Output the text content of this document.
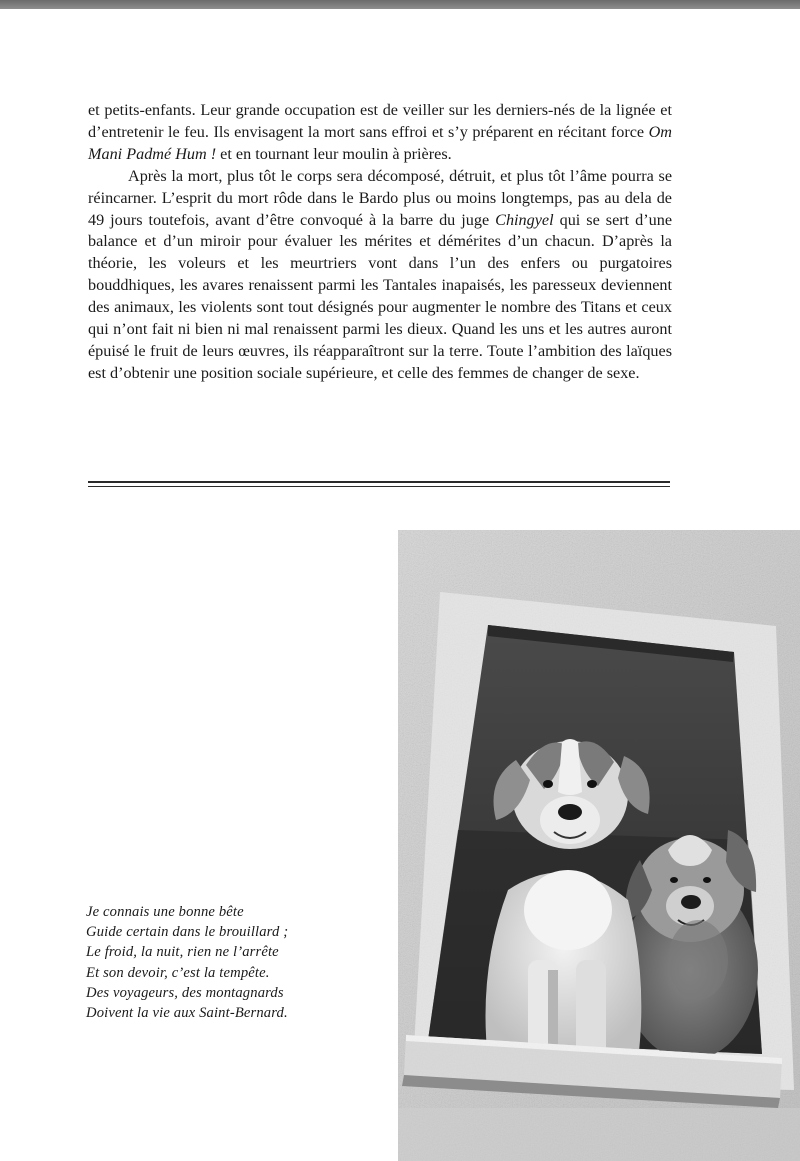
et petits-enfants. Leur grande occupation est de veiller sur les derniers-nés de la lignée et d’entretenir le feu. Ils envisagent la mort sans effroi et s’y préparent en récitant force Om Mani Padmé Hum ! et en tournant leur moulin à prières.

Après la mort, plus tôt le corps sera décomposé, détruit, et plus tôt l’âme pourra se réincarner. L’esprit du mort rôde dans le Bardo plus ou moins longtemps, pas au dela de 49 jours toutefois, avant d’être convoqué à la barre du juge Chingyel qui se sert d’une balance et d’un miroir pour évaluer les mérites et démérites d’un chacun. D’après la théorie, les voleurs et les meurtriers vont dans l’un des enfers ou purgatoires bouddhiques, les avares renaissent parmi les Tantales inapaisés, les paresseux deviennent des animaux, les violents sont tout désignés pour augmenter le nombre des Titans et ceux qui n’ont fait ni bien ni mal renaissent parmi les dieux. Quand les uns et les autres auront épuisé le fruit de leurs œuvres, ils réapparaîtront sur la terre. Toute l’ambition des laïques est d’obtenir une position sociale supérieure, et celle des femmes de changer de sexe.

Je connais une bonne bête
Guide certain dans le brouillard ;
Le froid, la nuit, rien ne l’arrête
Et son devoir, c’est la tempête.
Des voyageurs, des montagnards
Doivent la vie aux Saint-Bernard.
